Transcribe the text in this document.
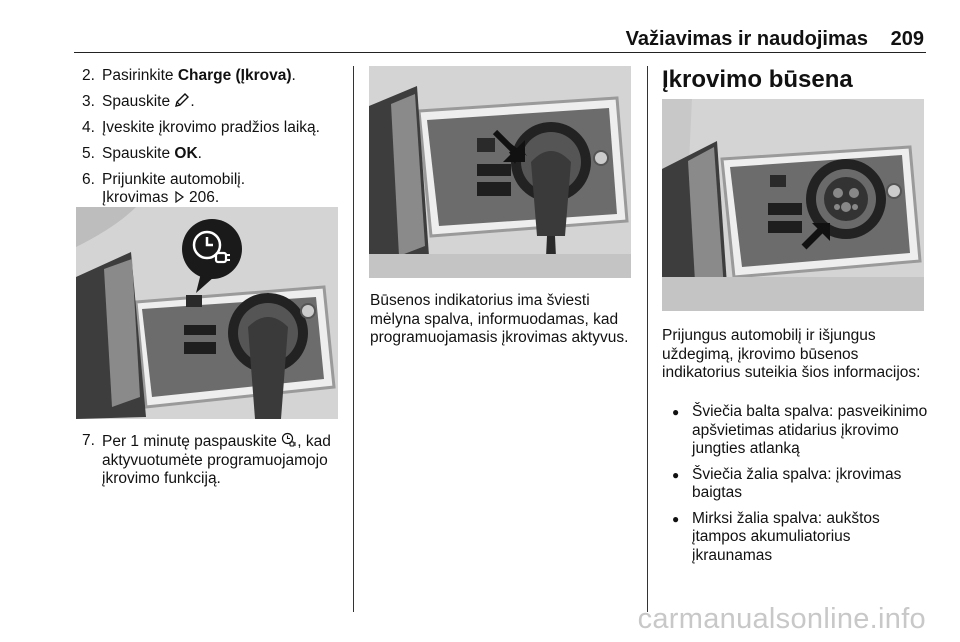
Važiavimas ir naudojimas 209
2. Pasirinkite Charge (Įkrova).
3. Spauskite .
4. Įveskite įkrovimo pradžios laiką.
5. Spauskite OK.
6. Prijunkite automobilį.
Įkrovimas 206.
7. Per 1 minutę paspauskite , kad aktyvuotumėte programuojamojo įkrovimo funkciją.
Būsenos indikatorius ima šviesti mėlyna spalva, informuodamas, kad programuojamasis įkrovimas aktyvus.
Įkrovimo būsena
Prijungus automobilį ir išjungus uždegimą, įkrovimo būsenos indikatorius suteikia šios informacijos:
● Šviečia balta spalva: pasveikinimo apšvietimas atidarius įkrovimo jungties atlanką
● Šviečia žalia spalva: įkrovimas baigtas
● Mirksi žalia spalva: aukštos įtampos akumuliatorius įkraunamas
carmanualsonline.info
